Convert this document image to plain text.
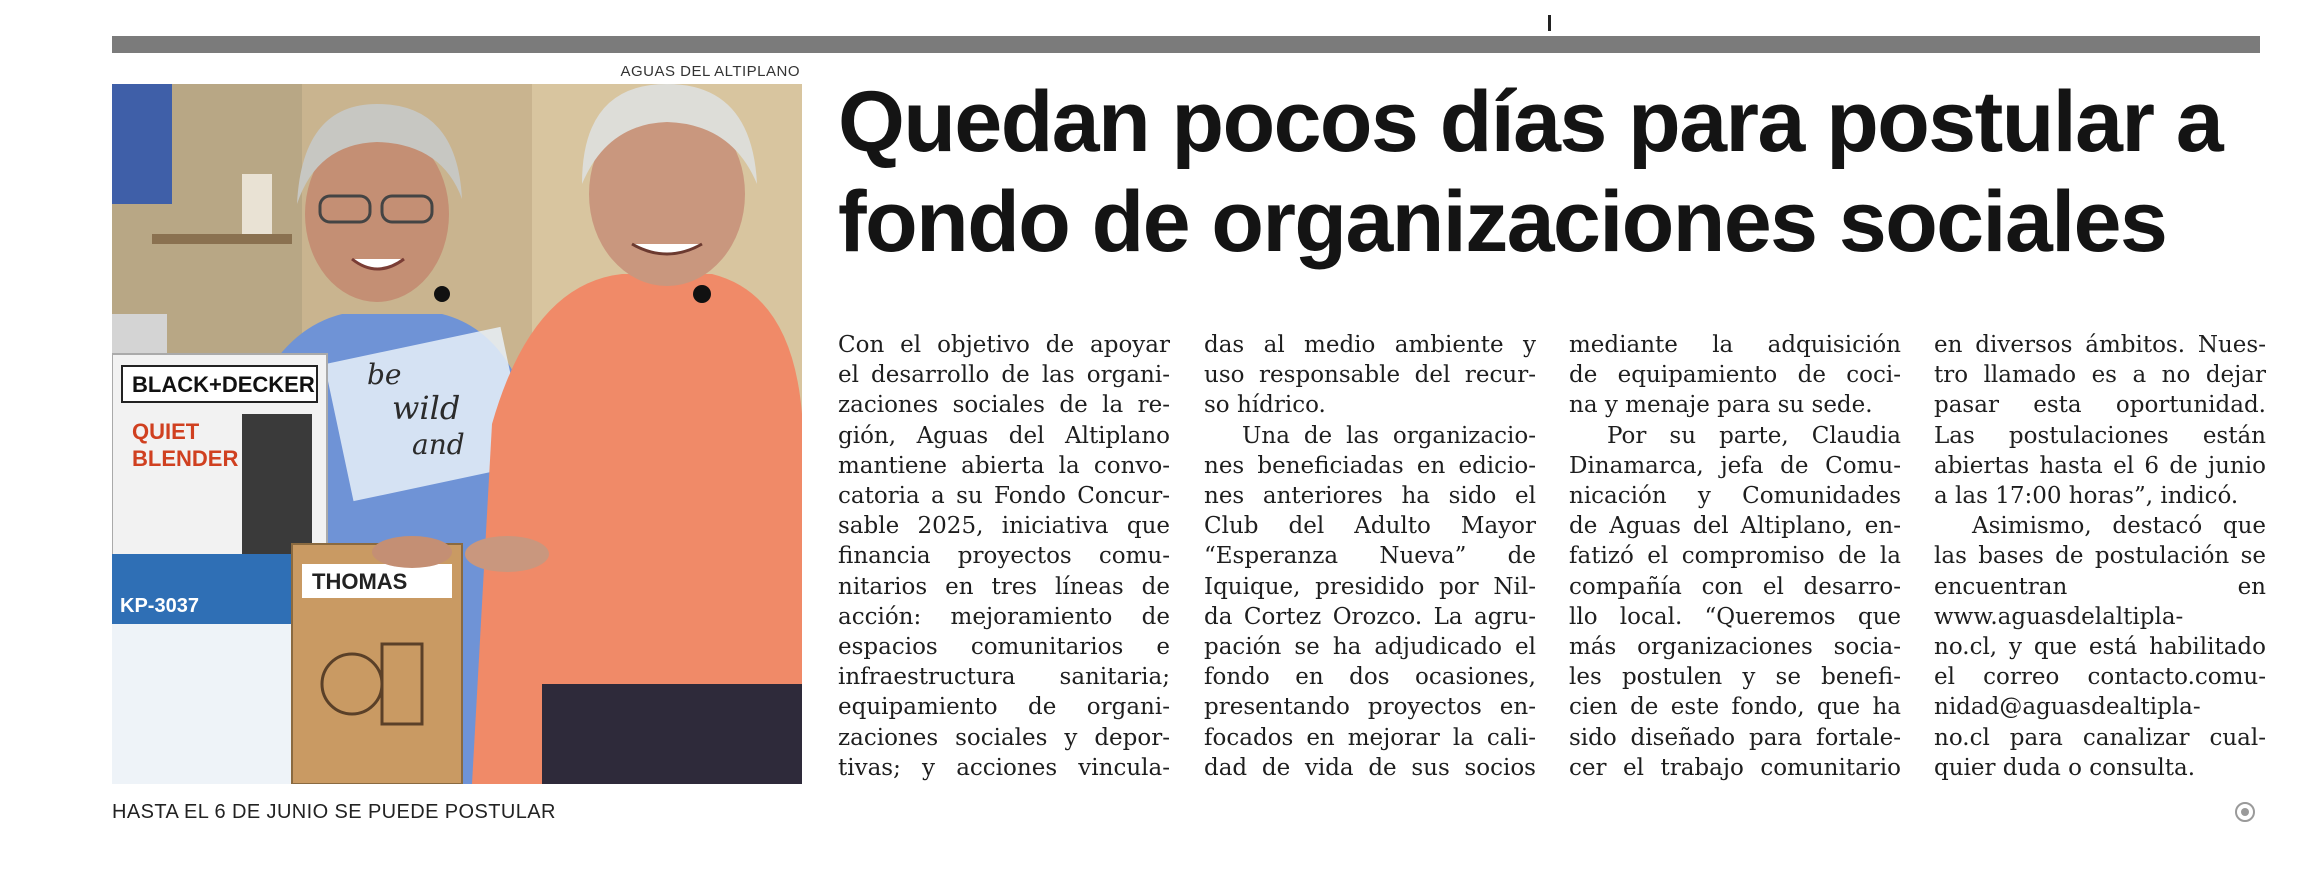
AGUAS DEL ALTIPLANO
be
wild
and
BLACK+DECKER
QUIET
BLENDER
KP-3037
THOMAS
HASTA EL 6 DE JUNIO SE PUEDE POSTULAR
Quedan pocos días para postular a
fondo de organizaciones sociales
Con el objetivo de apoyar
el desarrollo de las organi-
zaciones sociales de la re-
gión, Aguas del Altiplano
mantiene abierta la convo-
catoria a su Fondo Concur-
sable 2025, iniciativa que
financia proyectos comu-
nitarios en tres líneas de
acción: mejoramiento de
espacios comunitarios e
infraestructura sanitaria;
equipamiento de organi-
zaciones sociales y depor-
tivas; y acciones vincula-
das al medio ambiente y
uso responsable del recur-
so hídrico.
Una de las organizacio-
nes beneficiadas en edicio-
nes anteriores ha sido el
Club del Adulto Mayor
“Esperanza Nueva” de
Iquique, presidido por Nil-
da Cortez Orozco. La agru-
pación se ha adjudicado el
fondo en dos ocasiones,
presentando proyectos en-
focados en mejorar la cali-
dad de vida de sus socios
mediante la adquisición
de equipamiento de coci-
na y menaje para su sede.
Por su parte, Claudia
Dinamarca, jefa de Comu-
nicación y Comunidades
de Aguas del Altiplano, en-
fatizó el compromiso de la
compañía con el desarro-
llo local. “Queremos que
más organizaciones socia-
les postulen y se benefi-
cien de este fondo, que ha
sido diseñado para fortale-
cer el trabajo comunitario
en diversos ámbitos. Nues-
tro llamado es a no dejar
pasar esta oportunidad.
Las postulaciones están
abiertas hasta el 6 de junio
a las 17:00 horas”, indicó.
Asimismo, destacó que
las bases de postulación se
encuentran en
www.aguasdelaltipla-
no.cl, y que está habilitado
el correo contacto.comu-
nidad@aguasdealtipla-
no.cl para canalizar cual-
quier duda o consulta.
